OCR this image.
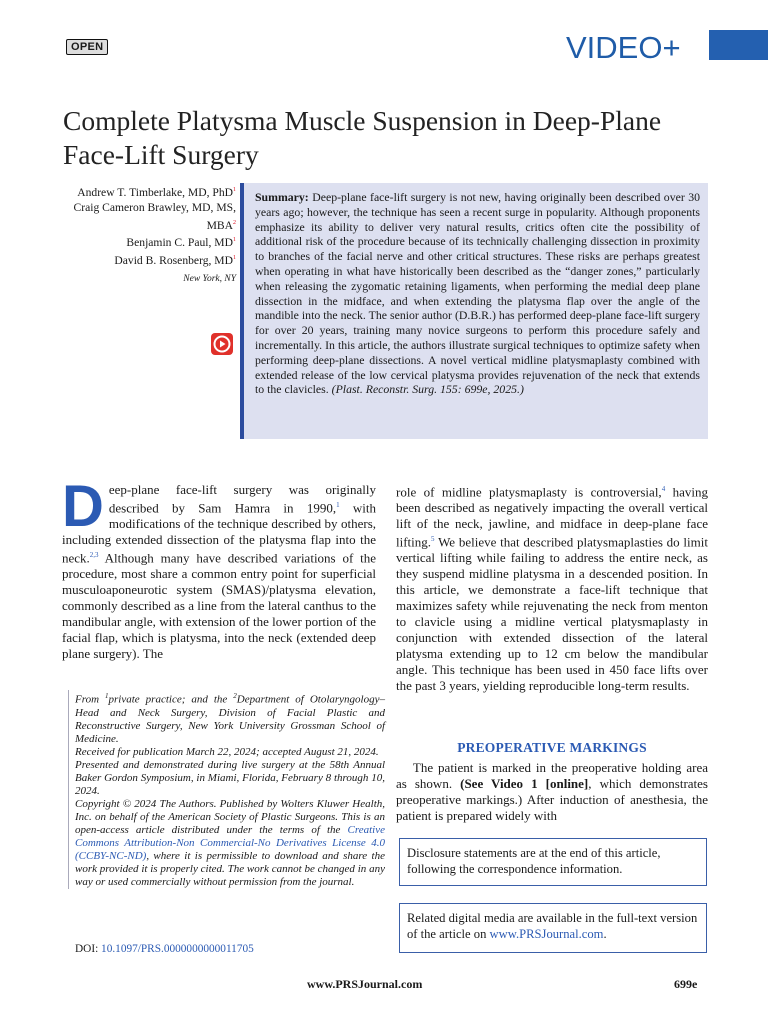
OPEN	VIDEO+
Complete Platysma Muscle Suspension in Deep-Plane Face-Lift Surgery
Andrew T. Timberlake, MD, PhD$^1$
Craig Cameron Brawley, MD, MS, MBA$^2$
Benjamin C. Paul, MD$^1$
David B. Rosenberg, MD$^1$
New York, NY
Summary: Deep-plane face-lift surgery is not new, having originally been described over 30 years ago; however, the technique has seen a recent surge in popularity. Although proponents emphasize its ability to deliver very natural results, critics often cite the possibility of additional risk of the procedure because of its technically challenging dissection in proximity to branches of the facial nerve and other critical structures. These risks are perhaps greatest when operating in what have historically been described as the “danger zones,” particularly when releasing the zygomatic retaining ligaments, when performing the medial deep plane dissection in the midface, and when extending the platysma flap over the angle of the mandible into the neck. The senior author (D.B.R.) has performed deep-plane face-lift surgery for over 20 years, training many novice surgeons to perform this procedure safely and incrementally. In this article, the authors illustrate surgical techniques to optimize safety when performing deep-plane dissections. A novel vertical midline platysmaplasty combined with extended release of the low cervical platysma provides rejuvenation of the neck that extends to the clavicles. (Plast. Reconstr. Surg. 155: 699e, 2025.)
Deep-plane face-lift surgery was originally described by Sam Hamra in 1990,$^1$ with modifications of the technique described by others, including extended dissection of the platysma flap into the neck.$^{2,3}$ Although many have described variations of the procedure, most share a common entry point for superficial musculoaponeurotic system (SMAS)/platysma elevation, commonly described as a line from the lateral canthus to the mandibular angle, with extension of the lower portion of the facial flap, which is platysma, into the neck (extended deep plane surgery). The

role of midline platysmaplasty is controversial,$^4$ having been described as negatively impacting the overall vertical lift of the neck, jawline, and midface in deep-plane face lifting.$^5$ We believe that described platysmaplasties do limit vertical lifting while failing to address the entire neck, as they suspend midline platysma in a descended position. In this article, we demonstrate a face-lift technique that maximizes safety while rejuvenating the neck from menton to clavicle using a midline vertical platysmaplasty in conjunction with extended dissection of the lateral platysma extending up to 12 cm below the mandibular angle. This technique has been used in 450 face lifts over the past 3 years, yielding reproducible long-term results.

PREOPERATIVE MARKINGS

The patient is marked in the preoperative holding area as shown. (See Video 1 [online], which demonstrates preoperative markings.) After induction of anesthesia, the patient is prepared widely with

From $^1$private practice; and the $^2$Department of Otolaryngology–Head and Neck Surgery, Division of Facial Plastic and Reconstructive Surgery, New York University Grossman School of Medicine.

Received for publication March 22, 2024; accepted August 21, 2024.

Presented and demonstrated during live surgery at the 58th Annual Baker Gordon Symposium, in Miami, Florida, February 8 through 10, 2024.

Copyright © 2024 The Authors. Published by Wolters Kluwer Health, Inc. on behalf of the American Society of Plastic Surgeons. This is an open-access article distributed under the terms of the Creative Commons Attribution-Non Commercial-No Derivatives License 4.0 (CCBY-NC-ND), where it is permissible to download and share the work provided it is properly cited. The work cannot be changed in any way or used commercially without permission from the journal.

DOI: 10.1097/PRS.0000000000011705
Disclosure statements are at the end of this article, following the correspondence information.
Related digital media are available in the full-text version of the article on www.PRSJournal.com.
www.PRSJournal.com	699e
